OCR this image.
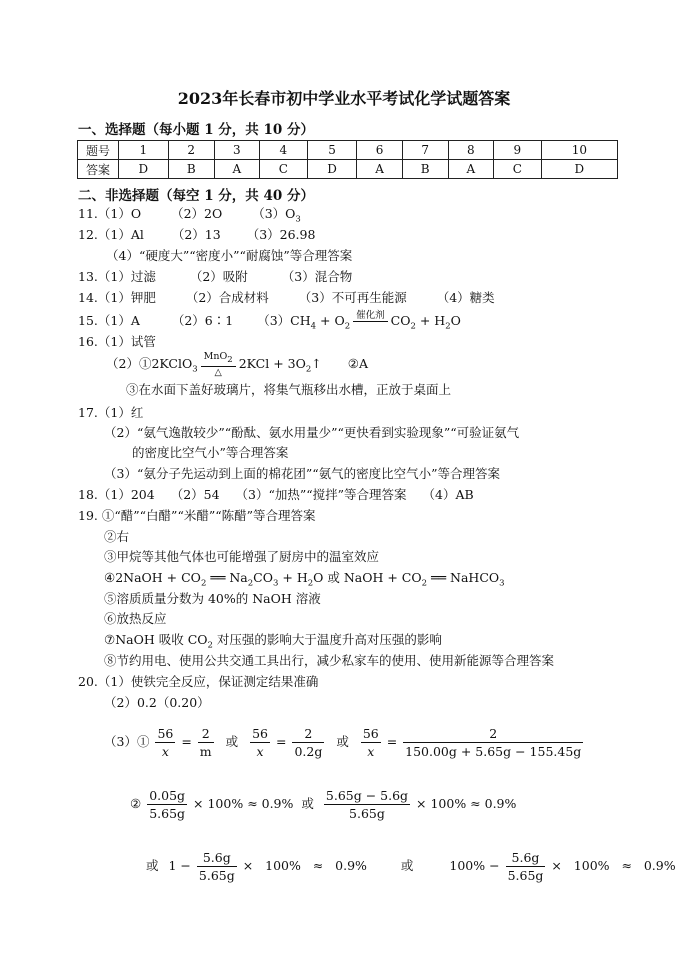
2023年长春市初中学业水平考试化学试题答案
一、选择题（每小题 1 分，共 10 分）
题号	1	2	3	4	5	6	7	8	9	10
答案	D	B	A	C	D	A	B	A	C	D
二、非选择题（每空 1 分，共 40 分）
11.（1）O （2）2O $(3)O_3$
12.（1）Al （2）13 （3）26.98
（4）“硬度大”“密度小”“耐腐蚀”等合理答案
13.（1）过滤	（2）吸附	（3）混合物
14.（1）钾肥 （2）合成材料 （3）不可再生能源 （4）糖类
15.（1）A	（2）6∶1 $(3)CH_4 + O_2$
催化剂
$CO_2 + H_2O$
16.（1）试管
（2）①2KClO$_3$
MnO$_2$
△
$2KCl + 3O_2↑$ ②A
③在水面下盖好玻璃片，将集气瓶移出水槽，正放于桌面上
17.（1）红
（2）“氨气逸散较少”“酚酞、氨水用量少”“更快看到实验现象”“可验证氨气
的密度比空气小”等合理答案
（3）“氨分子先运动到上面的棉花团”“氨气的密度比空气小”等合理答案
18.（1）204 （2）54 （3）“加热”“搅拌”等合理答案 （4）AB
19. ①“醋”“白醋”“米醋”“陈醋”等合理答案
②右
③甲烷等其他气体也可能增强了厨房中的温室效应
④2NaOH + $CO_2$ ══ $Na_2CO_3 + H_2O$ 或 NaOH + $CO_2$ ══ NaHCO$_3$
⑤溶质质量分数为 40%的 NaOH 溶液
⑥放热反应
⑦NaOH 吸收 $CO_2$ 对压强的影响大于温度升高对压强的影响
⑧节约用电、使用公共交通工具出行，减少私家车的使用、使用新能源等合理答案
20.（1）使铁完全反应，保证测定结果准确
（2）0.2（0.20）
（3）① $\frac{56}{x} = \frac{2}{m}$ 或 $\frac{56}{x} = \frac{2}{0.2g}$ 或 $\frac{56}{x} = \frac{2}{150.00g + 5.65g - 155.45g}$
② $\frac{0.05g}{5.65g} \times 100\% \approx 0.9\%$ 或 $\frac{5.65g - 5.6g}{5.65g} \times 100\% \approx 0.9\%$
或 $1 - \frac{5.6g}{5.65g} \times 100\% \approx 0.9\%$	或	$100\% - \frac{5.6g}{5.65g} \times 100\% \approx 0.9\%$
